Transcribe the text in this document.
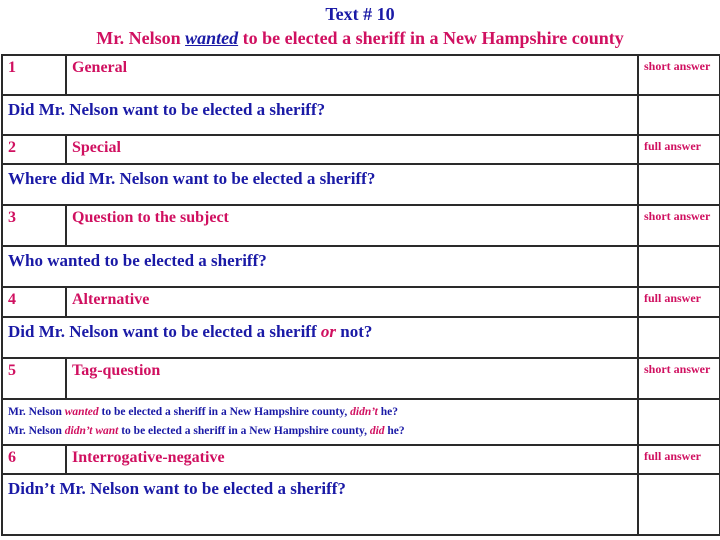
Text # 10
Mr. Nelson wanted to be elected a sheriff in a New Hampshire county
1	General	short answer
Did Mr. Nelson want to be elected a sheriff?		
2	Special	full answer
Where did Mr. Nelson want to be elected a sheriff?		
3	Question to the subject	short answer
Who wanted to be elected a sheriff?		
4	Alternative	full answer
Did Mr. Nelson want to be elected a sheriff or not?		
5	Tag-question	short answer

Mr. Nelson wanted to be elected a sheriff in a New Hampshire county, didn’t he?
Mr. Nelson didn’t want to be elected a sheriff in a New Hampshire county, did he?		

6	Interrogative-negative	full answer
Didn’t Mr. Nelson want to be elected a sheriff?		
